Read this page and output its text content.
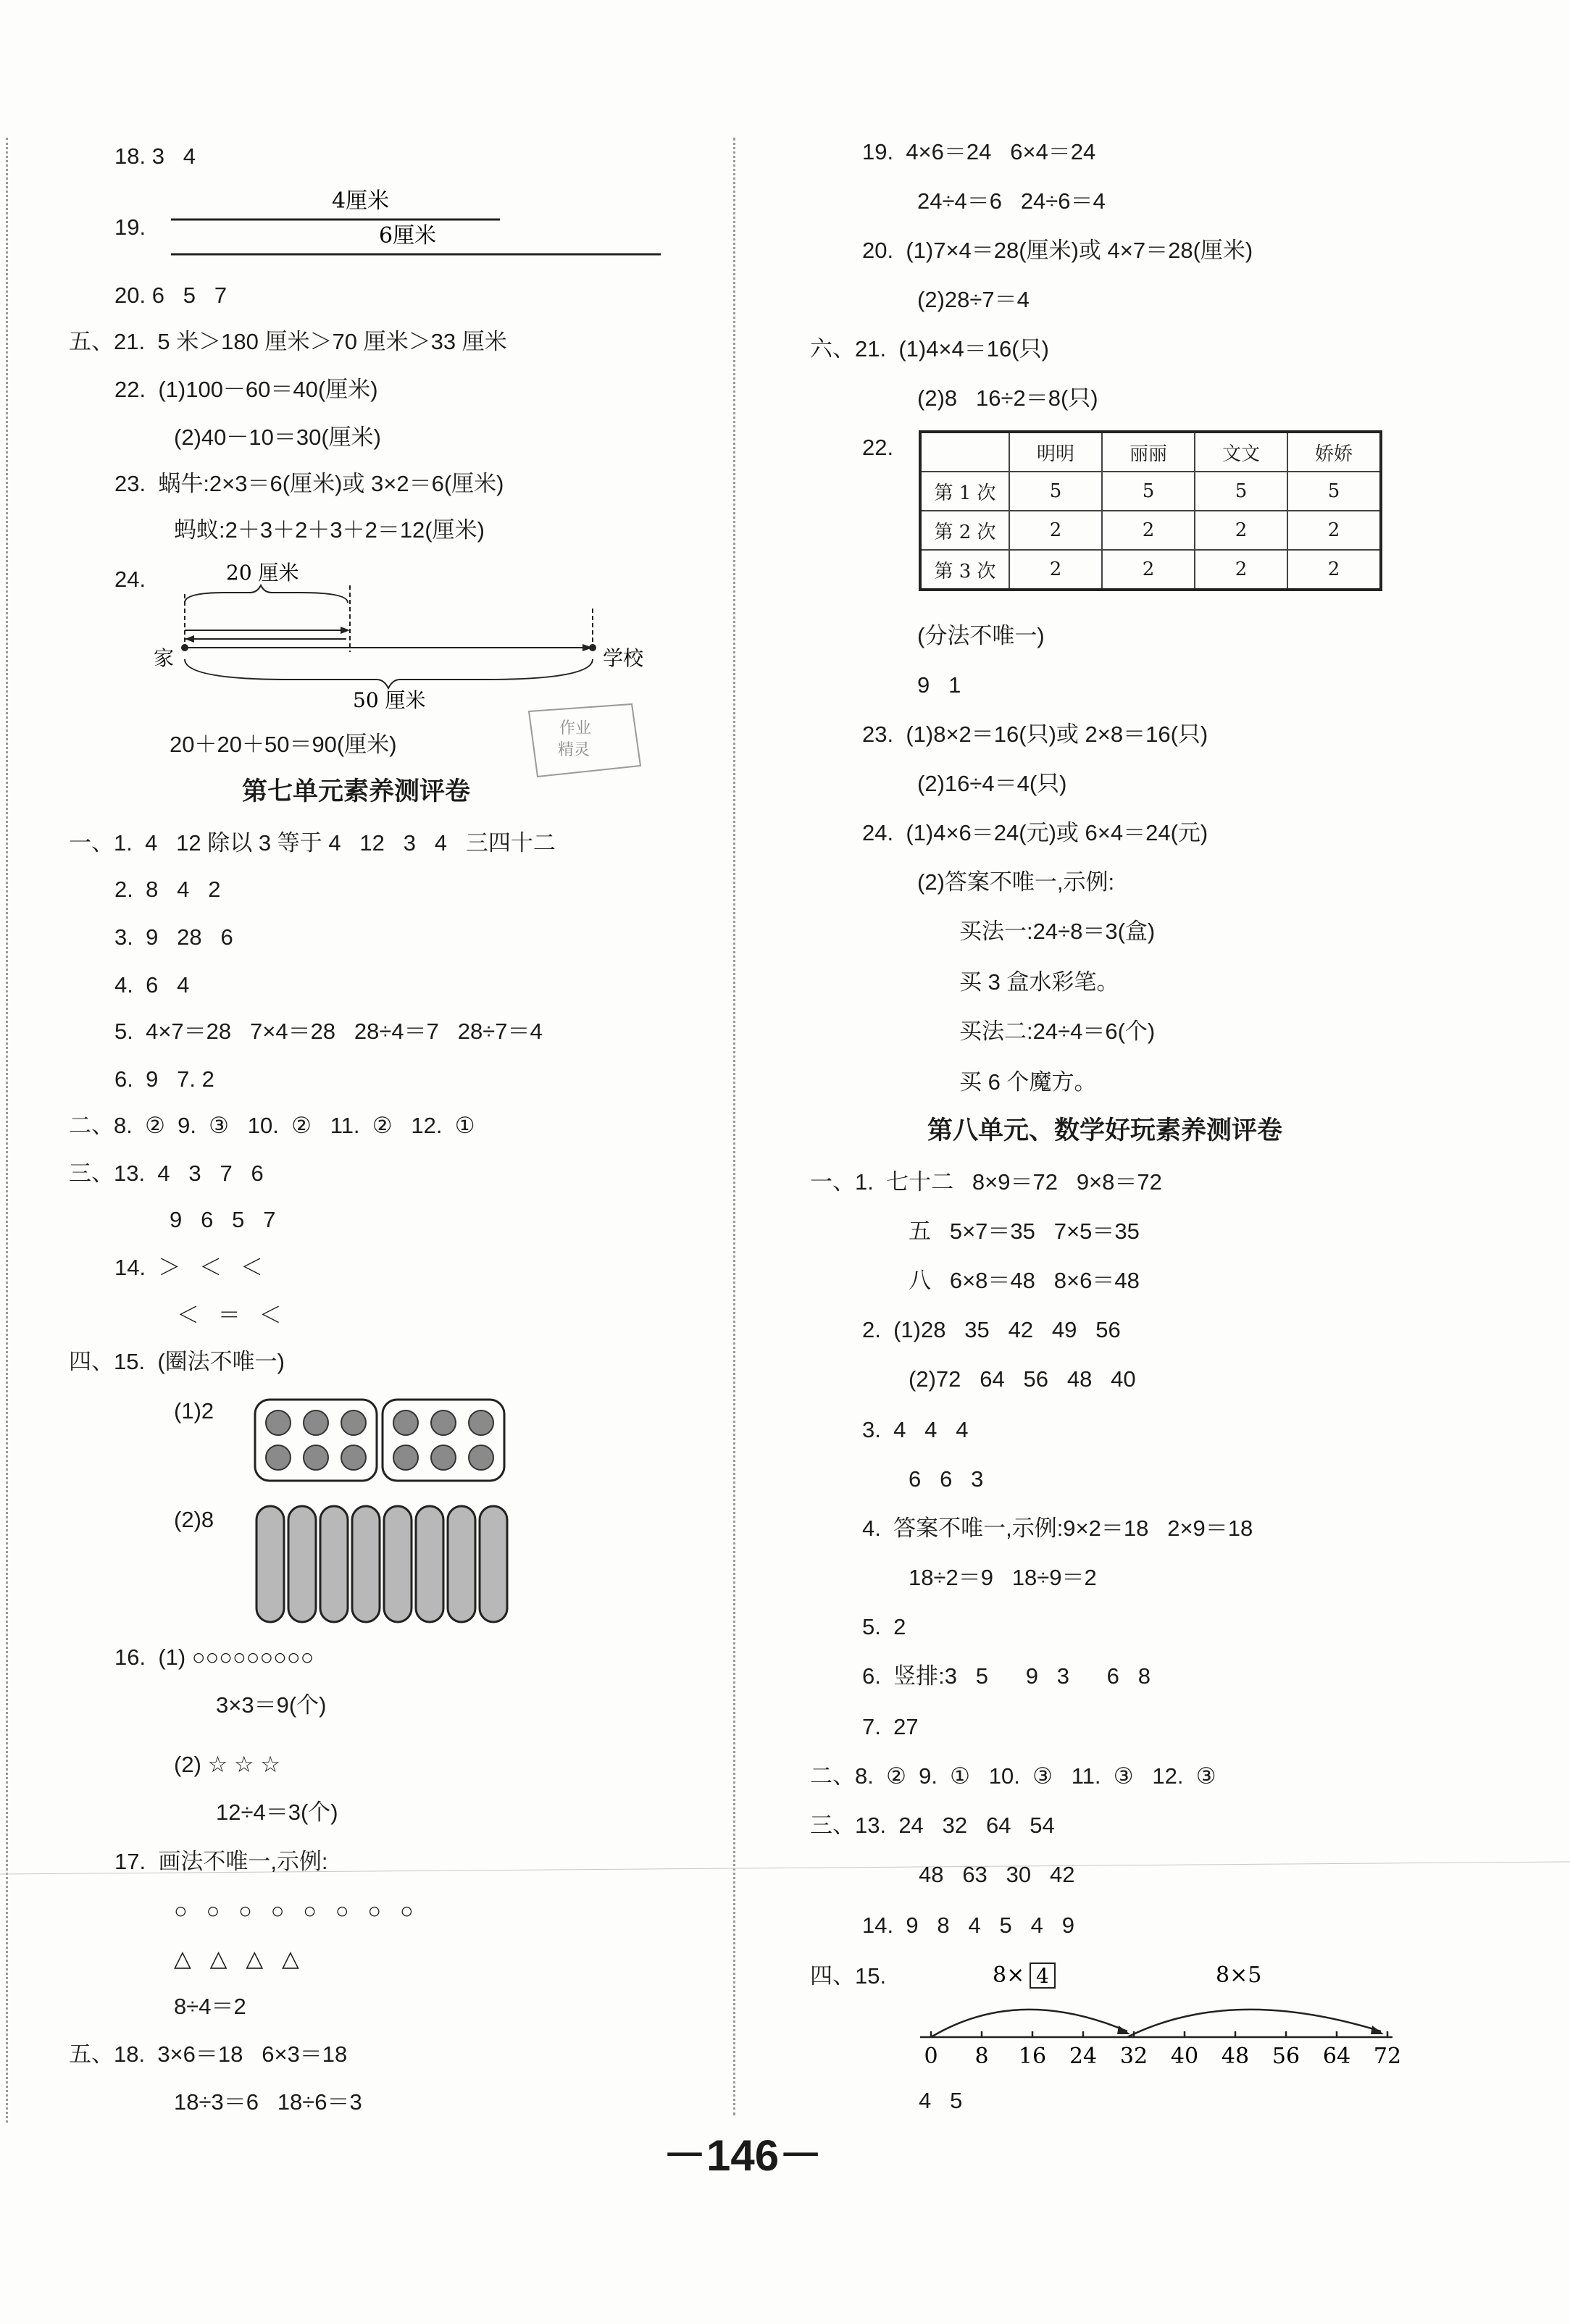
18. 3   4
19.
4厘米
6厘米
20. 6   5   7
五、21.  5 米＞180 厘米＞70 厘米＞33 厘米
22.  (1)100－60＝40(厘米)
(2)40－10＝30(厘米)
23.  蜗牛:2×3＝6(厘米)或 3×2＝6(厘米)
蚂蚁:2＋3＋2＋3＋2＝12(厘米)
24.	20 厘米
家	学校
50 厘米
20＋20＋50＝90(厘米)
作业
精灵
第七单元素养测评卷
一、1.  4   12 除以 3 等于 4   12   3   4   三四十二
2.  8   4   2
3.  9   28   6
4.  6   4
5.  4×7＝28   7×4＝28   28÷4＝7   28÷7＝4
6.  9   7. 2
二、8.  ②  9.  ③   10.  ②   11.  ②   12.  ①
三、13.  4   3   7   6
9   6   5   7
14.  ＞   ＜   ＜
＜   ＝   ＜
四、15.  (圈法不唯一)
(1)2
(2)8
16.  (1) ○○○○○○○○○
3×3＝9(个)
(2) ☆ ☆ ☆
12÷4＝3(个)
17.  画法不唯一,示例:
○   ○   ○   ○   ○   ○   ○   ○
△   △   △   △
8÷4＝2
五、18.  3×6＝18   6×3＝18
18÷3＝6   18÷6＝3
19.  4×6＝24   6×4＝24
24÷4＝6   24÷6＝4
20.  (1)7×4＝28(厘米)或 4×7＝28(厘米)
(2)28÷7＝4
六、21.  (1)4×4＝16(只)
(2)8   16÷2＝8(只)
22.
		明明	丽丽	文文	娇娇
第 1 次	5	5	5	5
第 2 次	2	2	2	2
第 3 次	2	2	2	2
(分法不唯一)
9   1
23.  (1)8×2＝16(只)或 2×8＝16(只)
(2)16÷4＝4(只)
24.  (1)4×6＝24(元)或 6×4＝24(元)
(2)答案不唯一,示例:
买法一:24÷8＝3(盒)
买 3 盒水彩笔。
买法二:24÷4＝6(个)
买 6 个魔方。
第八单元、数学好玩素养测评卷
一、1.  七十二   8×9＝72   9×8＝72
五   5×7＝35   7×5＝35
八   6×8＝48   8×6＝48
2.  (1)28   35   42   49   56
(2)72   64   56   48   40
3.  4   4   4
6   6   3
4.  答案不唯一,示例:9×2＝18   2×9＝18
18÷2＝9   18÷9＝2
5.  2
6.  竖排:3   5      9   3      6   8
7.  27
二、8.  ②  9.  ①   10.  ③   11.  ③   12.  ③
三、13.  24   32   64   54
48   63   30   42
14.  9   8   4   5   4   9
四、15.	8× 4	8×5
0 8 16 24 32 40 48 56 64 72
4   5
－146－
